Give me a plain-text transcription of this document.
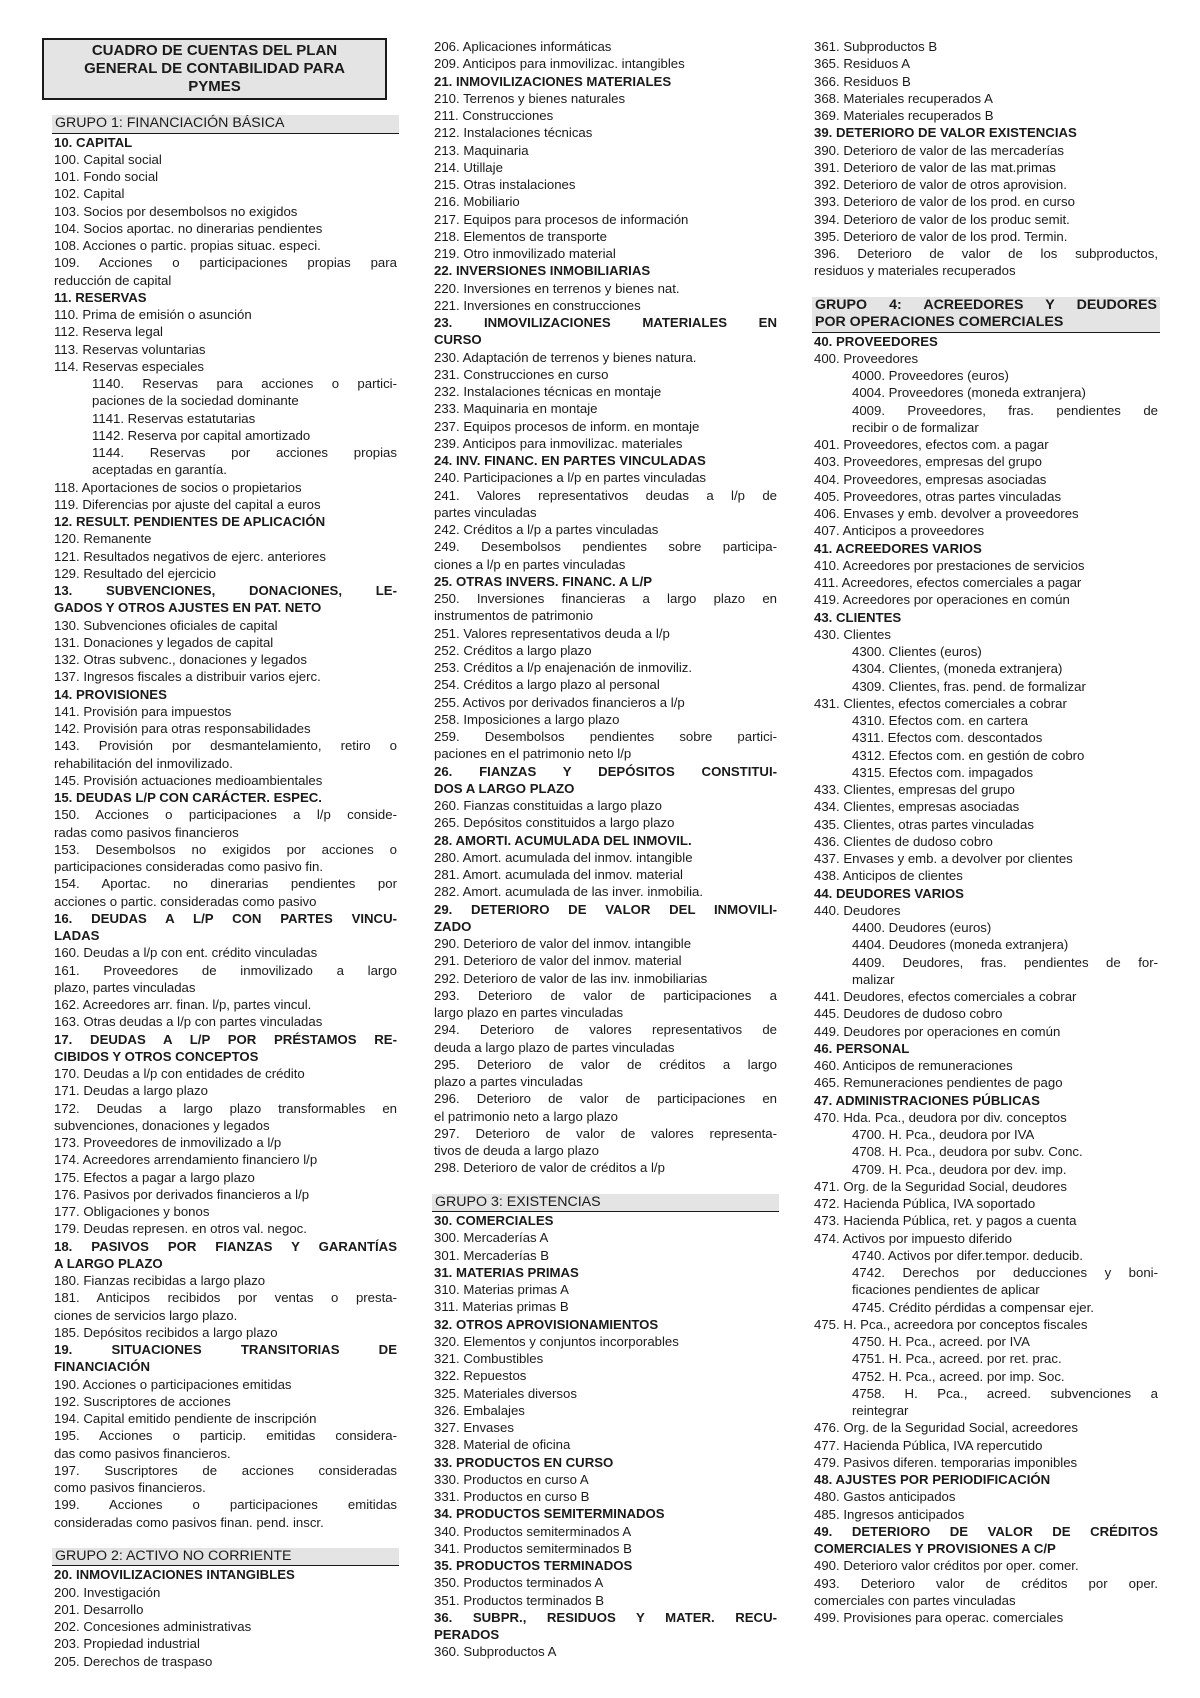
CUADRO DE CUENTAS DEL PLAN
GENERAL DE CONTABILIDAD PARA
PYMES
GRUPO 1: FINANCIACIÓN BÁSICA
10. CAPITAL
100. Capital social
101. Fondo social
102. Capital
103. Socios por desembolsos no exigidos
104. Socios aportac. no dinerarias pendientes
108. Acciones o partic. propias situac. especi.
109. Acciones o participaciones propias para
reducción de capital
11. RESERVAS
110. Prima de emisión o asunción
112. Reserva legal
113. Reservas voluntarias
114. Reservas especiales
1140. Reservas para acciones o partici-
paciones de la sociedad dominante
1141. Reservas estatutarias
1142. Reserva por capital amortizado
1144. Reservas por acciones propias
aceptadas en garantía.
118. Aportaciones de socios o propietarios
119. Diferencias por ajuste del capital a euros
12. RESULT. PENDIENTES DE APLICACIÓN
120. Remanente
121. Resultados negativos de ejerc. anteriores
129. Resultado del ejercicio
13. SUBVENCIONES, DONACIONES, LE-
GADOS Y OTROS AJUSTES EN PAT. NETO
130. Subvenciones oficiales de capital
131. Donaciones y legados de capital
132. Otras subvenc., donaciones y legados
137. Ingresos fiscales a distribuir varios ejerc.
14. PROVISIONES
141. Provisión para impuestos
142. Provisión para otras responsabilidades
143. Provisión por desmantelamiento, retiro o
rehabilitación del inmovilizado.
145. Provisión actuaciones medioambientales
15. DEUDAS L/P CON CARÁCTER. ESPEC.
150. Acciones o participaciones a l/p conside-
radas como pasivos financieros
153. Desembolsos no exigidos por acciones o
participaciones consideradas como pasivo fin.
154. Aportac. no dinerarias pendientes por
acciones o partic. consideradas como pasivo
16. DEUDAS A L/P CON PARTES VINCU-
LADAS
160. Deudas a l/p con ent. crédito vinculadas
161. Proveedores de inmovilizado a largo
plazo, partes vinculadas
162. Acreedores arr. finan. l/p, partes vincul.
163. Otras deudas a l/p con partes vinculadas
17. DEUDAS A L/P POR PRÉSTAMOS RE-
CIBIDOS Y OTROS CONCEPTOS
170. Deudas a l/p con entidades de crédito
171. Deudas a largo plazo
172. Deudas a largo plazo transformables en
subvenciones, donaciones y legados
173. Proveedores de inmovilizado a l/p
174. Acreedores arrendamiento financiero l/p
175. Efectos a pagar a largo plazo
176. Pasivos por derivados financieros a l/p
177. Obligaciones y bonos
179. Deudas represen. en otros val. negoc.
18. PASIVOS POR FIANZAS Y GARANTÍAS
A LARGO PLAZO
180. Fianzas recibidas a largo plazo
181. Anticipos recibidos por ventas o presta-
ciones de servicios largo plazo.
185. Depósitos recibidos a largo plazo
19. SITUACIONES TRANSITORIAS DE
FINANCIACIÓN
190. Acciones o participaciones emitidas
192. Suscriptores de acciones
194. Capital emitido pendiente de inscripción
195. Acciones o particip. emitidas considera-
das como pasivos financieros.
197. Suscriptores de acciones consideradas
como pasivos financieros.
199. Acciones o participaciones emitidas
consideradas como pasivos finan. pend. inscr.
GRUPO 2: ACTIVO NO CORRIENTE
20. INMOVILIZACIONES INTANGIBLES
200. Investigación
201. Desarrollo
202. Concesiones administrativas
203. Propiedad industrial
205. Derechos de traspaso
206. Aplicaciones informáticas
209. Anticipos para inmovilizac. intangibles
21. INMOVILIZACIONES MATERIALES
210. Terrenos y bienes naturales
211. Construcciones
212. Instalaciones técnicas
213. Maquinaria
214. Utillaje
215. Otras instalaciones
216. Mobiliario
217. Equipos para procesos de información
218. Elementos de transporte
219. Otro inmovilizado material
22. INVERSIONES INMOBILIARIAS
220. Inversiones en terrenos y bienes nat.
221. Inversiones en construcciones
23. INMOVILIZACIONES MATERIALES EN
CURSO
230. Adaptación de terrenos y bienes natura.
231. Construcciones en curso
232. Instalaciones técnicas en montaje
233. Maquinaria en montaje
237. Equipos procesos de inform. en montaje
239. Anticipos para inmovilizac. materiales
24. INV. FINANC. EN PARTES VINCULADAS
240. Participaciones a l/p en partes vinculadas
241. Valores representativos deudas a l/p de
partes vinculadas
242. Créditos a l/p a partes vinculadas
249. Desembolsos pendientes sobre participa-
ciones a l/p en partes vinculadas
25. OTRAS INVERS. FINANC. A L/P
250. Inversiones financieras a largo plazo en
instrumentos de patrimonio
251. Valores representativos deuda a l/p
252. Créditos a largo plazo
253. Créditos a l/p enajenación de inmoviliz.
254. Créditos a largo plazo al personal
255. Activos por derivados financieros a l/p
258. Imposiciones a largo plazo
259. Desembolsos pendientes sobre partici-
paciones en el patrimonio neto l/p
26. FIANZAS Y DEPÓSITOS CONSTITUI-
DOS A LARGO PLAZO
260. Fianzas constituidas a largo plazo
265. Depósitos constituidos a largo plazo
28. AMORTI. ACUMULADA DEL INMOVIL.
280. Amort. acumulada del inmov. intangible
281. Amort. acumulada del inmov. material
282. Amort. acumulada de las inver. inmobilia.
29. DETERIORO DE VALOR DEL INMOVILI-
ZADO
290. Deterioro de valor del inmov. intangible
291. Deterioro de valor del inmov. material
292. Deterioro de valor de las inv. inmobiliarias
293. Deterioro de valor de participaciones a
largo plazo en partes vinculadas
294. Deterioro de valores representativos de
deuda a largo plazo de partes vinculadas
295. Deterioro de valor de créditos a largo
plazo a partes vinculadas
296. Deterioro de valor de participaciones en
el patrimonio neto a largo plazo
297. Deterioro de valor de valores representa-
tivos de deuda a largo plazo
298. Deterioro de valor de créditos a l/p
GRUPO 3: EXISTENCIAS
30. COMERCIALES
300. Mercaderías A
301. Mercaderías B
31. MATERIAS PRIMAS
310. Materias primas A
311. Materias primas B
32. OTROS APROVISIONAMIENTOS
320. Elementos y conjuntos incorporables
321. Combustibles
322. Repuestos
325. Materiales diversos
326. Embalajes
327. Envases
328. Material de oficina
33. PRODUCTOS EN CURSO
330. Productos en curso A
331. Productos en curso B
34. PRODUCTOS SEMITERMINADOS
340. Productos semiterminados A
341. Productos semiterminados B
35. PRODUCTOS TERMINADOS
350. Productos terminados A
351. Productos terminados B
36. SUBPR., RESIDUOS Y MATER. RECU-
PERADOS
360. Subproductos A
361. Subproductos B
365. Residuos A
366. Residuos B
368. Materiales recuperados A
369. Materiales recuperados B
39. DETERIORO DE VALOR EXISTENCIAS
390. Deterioro de valor de las mercaderías
391. Deterioro de valor de las mat.primas
392. Deterioro de valor de otros aprovision.
393. Deterioro de valor de los prod. en curso
394. Deterioro de valor de los produc semit.
395. Deterioro de valor de los prod. Termin.
396. Deterioro de valor de los subproductos,
residuos y materiales recuperados
GRUPO 4: ACREEDORES Y DEUDORES
POR OPERACIONES COMERCIALES
40. PROVEEDORES
400. Proveedores
4000. Proveedores (euros)
4004. Proveedores (moneda extranjera)
4009. Proveedores, fras. pendientes de
recibir o de formalizar
401. Proveedores, efectos com. a pagar
403. Proveedores, empresas del grupo
404. Proveedores, empresas asociadas
405. Proveedores, otras partes vinculadas
406. Envases y emb. devolver a proveedores
407. Anticipos a proveedores
41. ACREEDORES VARIOS
410. Acreedores por prestaciones de servicios
411. Acreedores, efectos comerciales a pagar
419. Acreedores por operaciones en común
43. CLIENTES
430. Clientes
4300. Clientes (euros)
4304. Clientes, (moneda extranjera)
4309. Clientes, fras. pend. de formalizar
431. Clientes, efectos comerciales a cobrar
4310. Efectos com. en cartera
4311. Efectos com. descontados
4312. Efectos com. en gestión de cobro
4315. Efectos com. impagados
433. Clientes, empresas del grupo
434. Clientes, empresas asociadas
435. Clientes, otras partes vinculadas
436. Clientes de dudoso cobro
437. Envases y emb. a devolver por clientes
438. Anticipos de clientes
44. DEUDORES VARIOS
440. Deudores
4400. Deudores (euros)
4404. Deudores (moneda extranjera)
4409. Deudores, fras. pendientes de for-
malizar
441. Deudores, efectos comerciales a cobrar
445. Deudores de dudoso cobro
449. Deudores por operaciones en común
46. PERSONAL
460. Anticipos de remuneraciones
465. Remuneraciones pendientes de pago
47. ADMINISTRACIONES PÚBLICAS
470. Hda. Pca., deudora por div. conceptos
4700. H. Pca., deudora por IVA
4708. H. Pca., deudora por subv. Conc.
4709. H. Pca., deudora por dev. imp.
471. Org. de la Seguridad Social, deudores
472. Hacienda Pública, IVA soportado
473. Hacienda Pública, ret. y pagos a cuenta
474. Activos por impuesto diferido
4740. Activos por difer.tempor. deducib.
4742. Derechos por deducciones y boni-
ficaciones pendientes de aplicar
4745. Crédito pérdidas a compensar ejer.
475. H. Pca., acreedora por conceptos fiscales
4750. H. Pca., acreed. por IVA
4751. H. Pca., acreed. por ret. prac.
4752. H. Pca., acreed. por imp. Soc.
4758. H. Pca., acreed. subvenciones a
reintegrar
476. Org. de la Seguridad Social, acreedores
477. Hacienda Pública, IVA repercutido
479. Pasivos diferen. temporarias imponibles
48. AJUSTES POR PERIODIFICACIÓN
480. Gastos anticipados
485. Ingresos anticipados
49. DETERIORO DE VALOR DE CRÉDITOS
COMERCIALES Y PROVISIONES A C/P
490. Deterioro valor créditos por oper. comer.
493. Deterioro valor de créditos por oper.
comerciales con partes vinculadas
499. Provisiones para operac. comerciales
